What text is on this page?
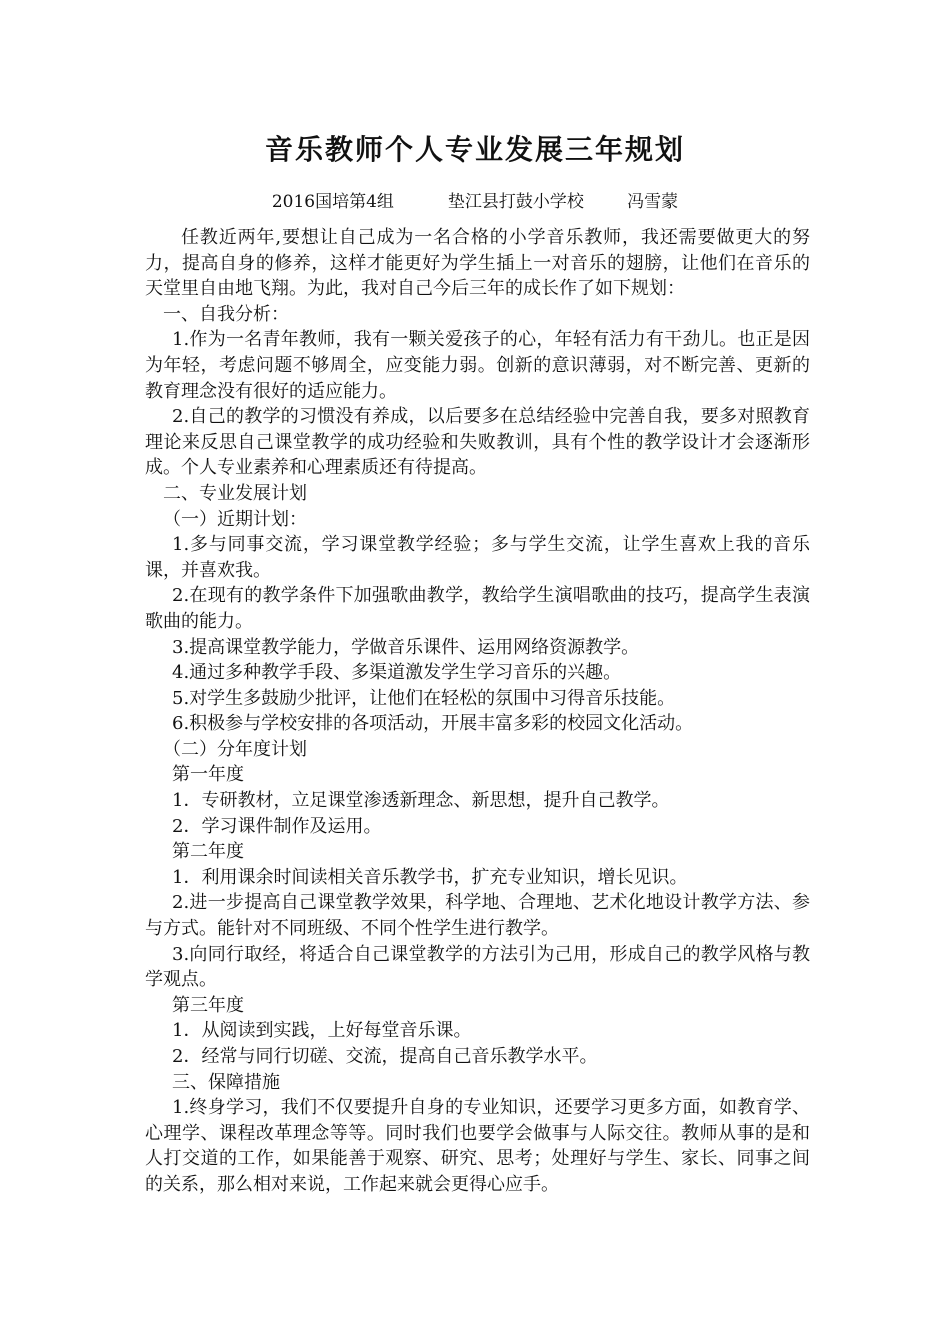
音乐教师个人专业发展三年规划
2016国培第4组          垫江县打鼓小学校        冯雪蒙

任教近两年,要想让自己成为一名合格的小学音乐教师，我还需要做更大的努力，提高自身的修养，这样才能更好为学生插上一对音乐的翅膀，让他们在音乐的天堂里自由地飞翔。为此，我对自己今后三年的成长作了如下规划：

一、自我分析：

1.作为一名青年教师，我有一颗关爱孩子的心，年轻有活力有干劲儿。也正是因为年轻，考虑问题不够周全，应变能力弱。创新的意识薄弱，对不断完善、更新的教育理念没有很好的适应能力。

2.自己的教学的习惯没有养成，以后要多在总结经验中完善自我，要多对照教育理论来反思自己课堂教学的成功经验和失败教训，具有个性的教学设计才会逐渐形成。个人专业素养和心理素质还有待提高。

二、专业发展计划

（一）近期计划：

1.多与同事交流，学习课堂教学经验；多与学生交流，让学生喜欢上我的音乐课，并喜欢我。

2.在现有的教学条件下加强歌曲教学，教给学生演唱歌曲的技巧，提高学生表演歌曲的能力。

3.提高课堂教学能力，学做音乐课件、运用网络资源教学。

4.通过多种教学手段、多渠道激发学生学习音乐的兴趣。

5.对学生多鼓励少批评，让他们在轻松的氛围中习得音乐技能。

6.积极参与学校安排的各项活动，开展丰富多彩的校园文化活动。

（二）分年度计划

第一年度

1．专研教材，立足课堂渗透新理念、新思想，提升自己教学。

2．学习课件制作及运用。

第二年度

1．利用课余时间读相关音乐教学书，扩充专业知识，增长见识。

2.进一步提高自己课堂教学效果，科学地、合理地、艺术化地设计教学方法、参与方式。能针对不同班级、不同个性学生进行教学。

3.向同行取经，将适合自己课堂教学的方法引为己用，形成自己的教学风格与教学观点。

第三年度

1．从阅读到实践，上好每堂音乐课。

2．经常与同行切磋、交流，提高自己音乐教学水平。

三、保障措施

1.终身学习，我们不仅要提升自身的专业知识，还要学习更多方面，如教育学、心理学、课程改革理念等等。同时我们也要学会做事与人际交往。教师从事的是和人打交道的工作，如果能善于观察、研究、思考；处理好与学生、家长、同事之间的关系，那么相对来说，工作起来就会更得心应手。
